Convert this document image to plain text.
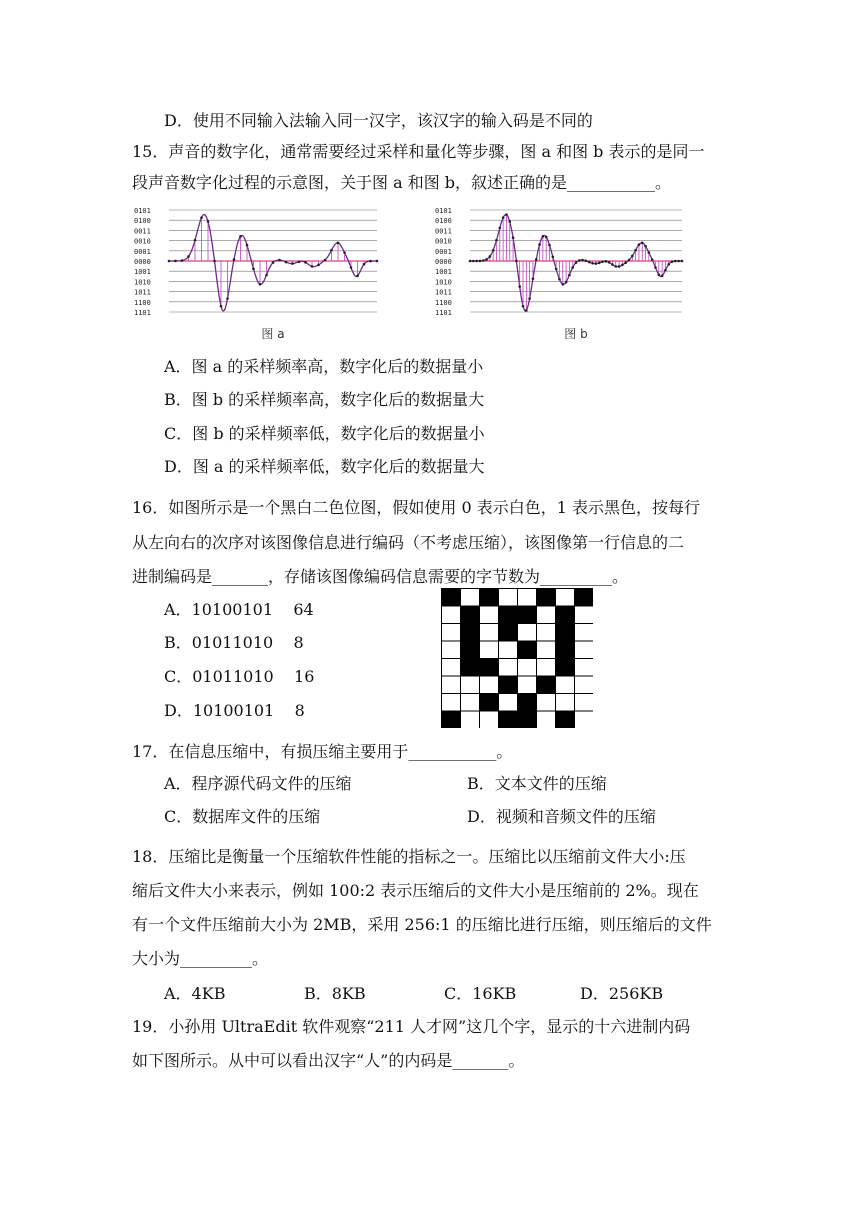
D．使用不同输入法输入同一汉字，该汉字的输入码是不同的
15．声音的数字化，通常需要经过采样和量化等步骤，图 a 和图 b 表示的是同一
段声音数字化过程的示意图，关于图 a 和图 b，叙述正确的是___________。
0101
0100
0011
0010
0001
0000
1001
1010
1011
1100
1101
图 a
0101
0100
0011
0010
0001
0000
1001
1010
1011
1100
1101
图 b
A．图 a 的采样频率高，数字化后的数据量小
B．图 b 的采样频率高，数字化后的数据量大
C．图 b 的采样频率低，数字化后的数据量小
D．图 a 的采样频率低，数字化后的数据量大
16．如图所示是一个黑白二色位图，假如使用 0 表示白色，1 表示黑色，按每行
从左向右的次序对该图像信息进行编码（不考虑压缩），该图像第一行信息的二
进制编码是_______，存储该图像编码信息需要的字节数为_________。
A．10100101    64
B．01011010    8
C．01011010    16
D．10100101    8
17．在信息压缩中，有损压缩主要用于___________。
A．程序源代码文件的压缩	B．文本文件的压缩
C．数据库文件的压缩	D．视频和音频文件的压缩
18．压缩比是衡量一个压缩软件性能的指标之一。压缩比以压缩前文件大小:压
缩后文件大小来表示，例如 100:2 表示压缩后的文件大小是压缩前的 2%。现在
有一个文件压缩前大小为 2MB，采用 256:1 的压缩比进行压缩，则压缩后的文件
大小为_________。
A．4KB	B．8KB	C．16KB	D．256KB
19．小孙用 UltraEdit 软件观察“211 人才网”这几个字，显示的十六进制内码
如下图所示。从中可以看出汉字“人”的内码是_______。
